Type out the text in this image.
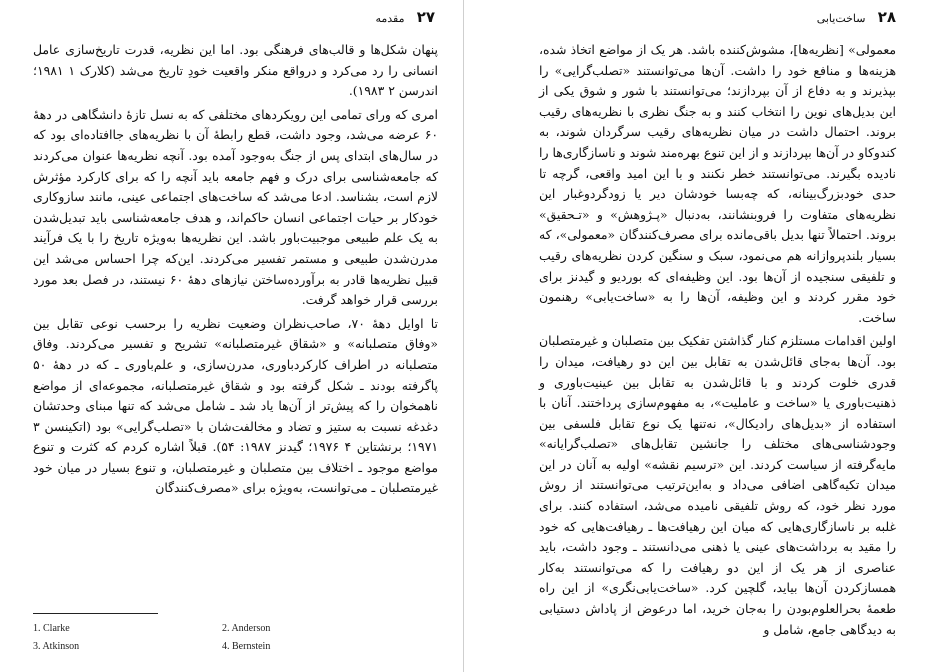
۲۷ مقدمه

پنهان شکل‌ها و قالب‌های فرهنگی بود. اما این نظریه، قدرت تاریخ‌سازی عامل انسانی را رد می‌کرد و درواقع منکر واقعیت خودِ تاریخ می‌شد (کلارک ۱ ۱۹۸۱؛ اندرسن ۲ ۱۹۸۳).

امری که ورای تمامی این رویکردهای مختلفی که به نسل تازهٔ دانشگاهی در دههٔ ۶۰ عرضه می‌شد، وجود داشت، قطع رابطهٔ آن با نظریه‌های جاافتاده‌ای بود که در سال‌های ابتدای پس از جنگ به‌وجود آمده بود. آنچه نظریه‌ها عنوان می‌کردند که جامعه‌شناسی برای درک و فهم جامعه باید آنچه را که برای کارکرد مؤثرش لازم است، بشناسد. ادعا می‌شد که ساخت‌های اجتماعی عینی، مانند سازوکاری خودکار بر حیات اجتماعی انسان حاکم‌اند، و هدف جامعه‌شناسی باید تبدیل‌شدن به یک علم طبیعی موجبیت‌باور باشد. این نظریه‌ها به‌ویژه تاریخ را با یک فرآیند مدرن‌شدن طبیعی و مستمر تفسیر می‌کردند. این‌که چرا احساس می‌شد این قبیل نظریه‌ها قادر به برآورده‌ساختن نیازهای دههٔ ۶۰ نیستند، در فصل بعد مورد بررسی قرار خواهد گرفت.

تا اوایل دههٔ ۷۰، صاحب‌نظران وضعیت نظریه را برحسب نوعی تقابل بین «وفاق متصلبانه» و «شقاق غیرمتصلبانه» تشریح و تفسیر می‌کردند. وفاق متصلبانه در اطراف کارکردباوری، مدرن‌سازی، و علم‌باوری ـ که در دههٔ ۵۰ پاگرفته بودند ـ شکل گرفته بود و شقاق غیرمتصلبانه، مجموعه‌ای از مواضع ناهمخوان را که پیش‌تر از آن‌ها یاد شد ـ شامل می‌شد که تنها مبنای وحدتشان دغدغه نسبت به ستیز و تضاد و مخالفت‌شان با «تصلب‌گرایی» بود (اتکینسن ۳ ۱۹۷۱؛ برنشتاین ۴ ۱۹۷۶؛ گیدنز ۱۹۸۷: ۵۴). قبلاً اشاره کردم که کثرت و تنوع مواضع موجود ـ اختلاف بین متصلبان و غیرمتصلبان، و تنوع بسیار در میان خود غیرمتصلبان ـ می‌توانست، به‌ویژه برای «مصرف‌کنندگان

1. Clarke	2. Anderson
3. Atkinson	4. Bernstein
۲۸ ساخت‌یابی

معمولی» [نظریه‌ها]، مشوش‌کننده باشد. هر یک از مواضع اتخاذ شده، هزینه‌ها و منافع خود را داشت. آن‌ها می‌توانستند «تصلب‌گرایی» را بپذیرند و به دفاع از آن بپردازند؛ می‌توانستند با شور و شوق یکی از این بدیل‌های نوین را انتخاب کنند و به جنگ نظری با نظریه‌های رقیب بروند. احتمال داشت در میان نظریه‌های رقیب سرگردان شوند، به کندوکاو در آن‌ها بپردازند و از این تنوع بهره‌مند شوند و ناسازگاری‌ها را نادیده بگیرند. می‌توانستند خطر نکنند و با این امید واقعی، گرچه تا حدی خودبزرگ‌بینانه، که چه‌بسا خودشان دیر یا زودگردوغبار این نظریه‌های متفاوت را فرو‌بنشانند، به‌دنبال «پـژوهش» و «تـحقیق» بروند. احتمالاً تنها بدیل باقی‌مانده برای مصرف‌کنندگان «معمولی»، که بسیار بلندپروازانه هم می‌نمود، سبک و سنگین کردن نظریه‌های رقیب و تلفیقی سنجیده از آن‌ها بود. این وظیفه‌ای که بوردیو و گیدنز برای خود مقرر کردند و این وظیفه، آن‌ها را به «ساخت‌یابی» رهنمون ساخت.

اولین اقدامات مستلزم کنار گذاشتن تفکیک بین متصلبان و غیرمتصلبان بود. آن‌ها به‌جای قائل‌شدن به تقابل بین این دو رهیافت، میدان را قدری خلوت کردند و با قائل‌شدن به تقابل بین عینیت‌باوری و ذهنیت‌باوری یا «ساخت و عاملیت»، به مفهوم‌سازی پرداختند. آنان با استفاده از «بدیل‌های رادیکال»، نه‌تنها یک نوع تقابل فلسفی بین وجودشناسی‌های مختلف را جانشین تقابل‌های «تصلب‌گرایانه» مایه‌گرفته از سیاست کردند. این «ترسیم نقشه» اولیه به آنان در این میدان تکیه‌گاهی اضافی می‌داد و به‌این‌ترتیب می‌توانستند از روش مورد نظر خود، که روش تلفیقی نامیده می‌شد، استفاده کنند. برای غلبه بر ناسازگاری‌هایی که میان این رهیافت‌ها ـ رهیافت‌هایی که خود را مقید به برداشت‌های عینی یا ذهنی می‌دانستند ـ وجود داشت، باید عناصری از هر یک از این دو رهیافت را که می‌توانستند به‌کار همسازکردن آن‌ها بیاید، گلچین کرد. «ساخت‌یابی‌نگری» از این راه طعمهٔ بحرالعلوم‌بودن را به‌جان خرید، اما درعوض از پاداش دستیابی به دیدگاهی جامع، شامل و
